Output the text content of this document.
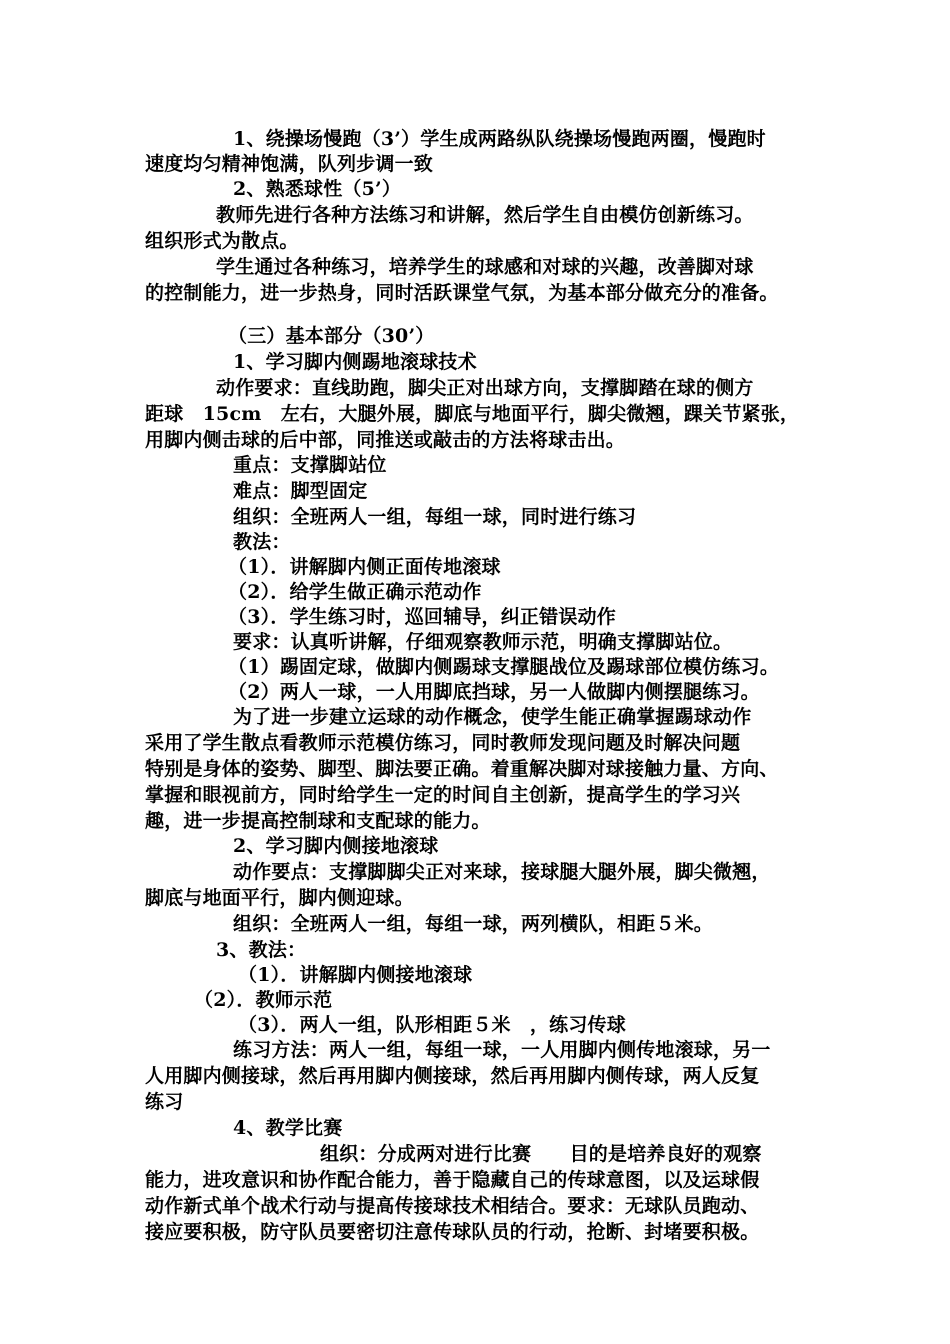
1、绕操场慢跑（3’）学生成两路纵队绕操场慢跑两圈，慢跑时
速度均匀精神饱满，队列步调一致
2、熟悉球性（5’）
教师先进行各种方法练习和讲解，然后学生自由模仿创新练习。
组织形式为散点。
学生通过各种练习，培养学生的球感和对球的兴趣，改善脚对球
的控制能力，进一步热身，同时活跃课堂气氛，为基本部分做充分的准备。
（三）基本部分（30’）
1、学习脚内侧踢地滚球技术
动作要求：直线助跑，脚尖正对出球方向，支撑脚踏在球的侧方
距球　15cm　左右，大腿外展，脚底与地面平行，脚尖微翘，踝关节紧张，
用脚内侧击球的后中部，同推送或敲击的方法将球击出。
重点：支撑脚站位
难点：脚型固定
组织：全班两人一组，每组一球，同时进行练习
教法：
（1）．讲解脚内侧正面传地滚球
（2）．给学生做正确示范动作
（3）．学生练习时，巡回辅导，纠正错误动作
要求：认真听讲解，仔细观察教师示范，明确支撑脚站位。
（1）踢固定球，做脚内侧踢球支撑腿战位及踢球部位模仿练习。
（2）两人一球，一人用脚底挡球，另一人做脚内侧摆腿练习。
为了进一步建立运球的动作概念，使学生能正确掌握踢球动作
采用了学生散点看教师示范模仿练习，同时教师发现问题及时解决问题
特别是身体的姿势、脚型、脚法要正确。着重解决脚对球接触力量、方向、
掌握和眼视前方，同时给学生一定的时间自主创新，提高学生的学习兴
趣，进一步提高控制球和支配球的能力。
2、学习脚内侧接地滚球
动作要点：支撑脚脚尖正对来球，接球腿大腿外展，脚尖微翘，
脚底与地面平行，脚内侧迎球。
组织：全班两人一组，每组一球，两列横队，相距５米。
3、教法：
（1）．讲解脚内侧接地滚球
（2）．教师示范
（3）．两人一组，队形相距５米　，练习传球
练习方法：两人一组，每组一球，一人用脚内侧传地滚球，另一
人用脚内侧接球，然后再用脚内侧接球，然后再用脚内侧传球，两人反复
练习
4、教学比赛
组织：分成两对进行比赛　　目的是培养良好的观察
能力，进攻意识和协作配合能力，善于隐藏自己的传球意图，以及运球假
动作新式单个战术行动与提高传接球技术相结合。要求：无球队员跑动、
接应要积极，防守队员要密切注意传球队员的行动，抢断、封堵要积极。
